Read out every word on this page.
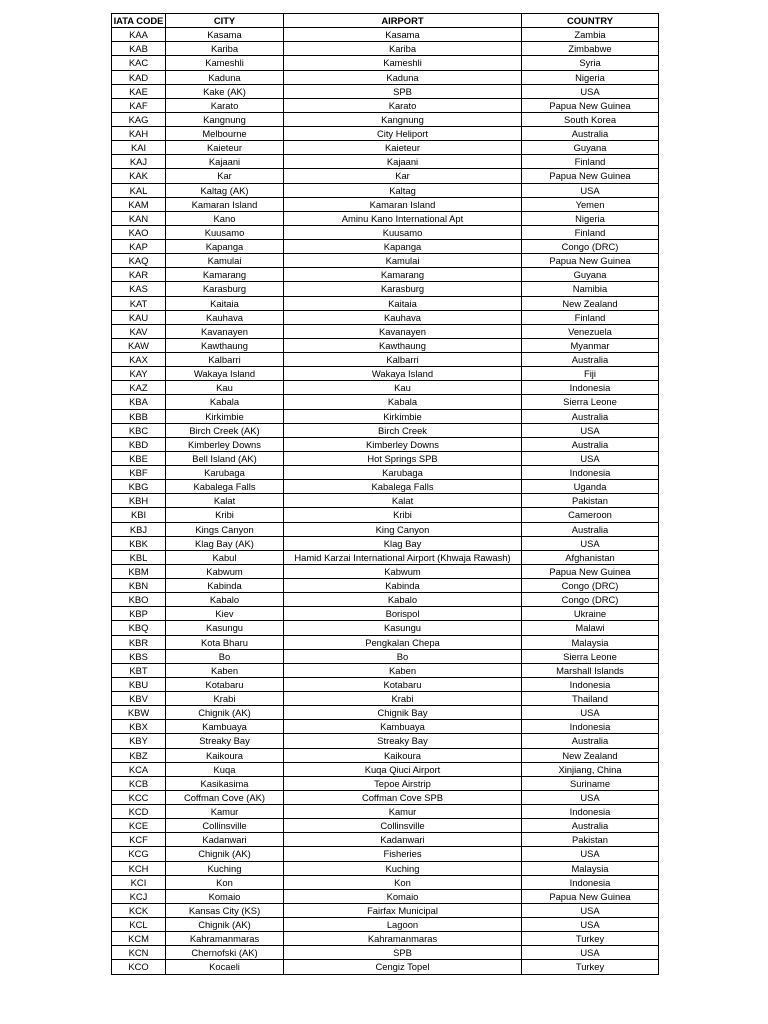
IATA CODE	CITY	AIRPORT	COUNTRY
KAA	Kasama	Kasama	Zambia
KAB	Kariba	Kariba	Zimbabwe
KAC	Kameshli	Kameshli	Syria
KAD	Kaduna	Kaduna	Nigeria
KAE	Kake (AK)	SPB	USA
KAF	Karato	Karato	Papua New Guinea
KAG	Kangnung	Kangnung	South Korea
KAH	Melbourne	City Heliport	Australia
KAI	Kaieteur	Kaieteur	Guyana
KAJ	Kajaani	Kajaani	Finland
KAK	Kar	Kar	Papua New Guinea
KAL	Kaltag (AK)	Kaltag	USA
KAM	Kamaran Island	Kamaran Island	Yemen
KAN	Kano	Aminu Kano International Apt	Nigeria
KAO	Kuusamo	Kuusamo	Finland
KAP	Kapanga	Kapanga	Congo (DRC)
KAQ	Kamulai	Kamulai	Papua New Guinea
KAR	Kamarang	Kamarang	Guyana
KAS	Karasburg	Karasburg	Namibia
KAT	Kaitaia	Kaitaia	New Zealand
KAU	Kauhava	Kauhava	Finland
KAV	Kavanayen	Kavanayen	Venezuela
KAW	Kawthaung	Kawthaung	Myanmar
KAX	Kalbarri	Kalbarri	Australia
KAY	Wakaya Island	Wakaya Island	Fiji
KAZ	Kau	Kau	Indonesia
KBA	Kabala	Kabala	Sierra Leone
KBB	Kirkimbie	Kirkimbie	Australia
KBC	Birch Creek (AK)	Birch Creek	USA
KBD	Kimberley Downs	Kimberley Downs	Australia
KBE	Bell Island (AK)	Hot Springs SPB	USA
KBF	Karubaga	Karubaga	Indonesia
KBG	Kabalega Falls	Kabalega Falls	Uganda
KBH	Kalat	Kalat	Pakistan
KBI	Kribi	Kribi	Cameroon
KBJ	Kings Canyon	King Canyon	Australia
KBK	Klag Bay (AK)	Klag Bay	USA
KBL	Kabul	Hamid Karzai International Airport (Khwaja Rawash)	Afghanistan
KBM	Kabwum	Kabwum	Papua New Guinea
KBN	Kabinda	Kabinda	Congo (DRC)
KBO	Kabalo	Kabalo	Congo (DRC)
KBP	Kiev	Borispol	Ukraine
KBQ	Kasungu	Kasungu	Malawi
KBR	Kota Bharu	Pengkalan Chepa	Malaysia
KBS	Bo	Bo	Sierra Leone
KBT	Kaben	Kaben	Marshall Islands
KBU	Kotabaru	Kotabaru	Indonesia
KBV	Krabi	Krabi	Thailand
KBW	Chignik (AK)	Chignik Bay	USA
KBX	Kambuaya	Kambuaya	Indonesia
KBY	Streaky Bay	Streaky Bay	Australia
KBZ	Kaikoura	Kaikoura	New Zealand
KCA	Kuqa	Kuqa Qiuci Airport	Xinjiang, China
KCB	Kasikasima	Tepoe Airstrip	Suriname
KCC	Coffman Cove (AK)	Coffman Cove SPB	USA
KCD	Kamur	Kamur	Indonesia
KCE	Collinsville	Collinsville	Australia
KCF	Kadanwari	Kadanwari	Pakistan
KCG	Chignik (AK)	Fisheries	USA
KCH	Kuching	Kuching	Malaysia
KCI	Kon	Kon	Indonesia
KCJ	Komaio	Komaio	Papua New Guinea
KCK	Kansas City (KS)	Fairfax Municipal	USA
KCL	Chignik (AK)	Lagoon	USA
KCM	Kahramanmaras	Kahramanmaras	Turkey
KCN	Chernofski (AK)	SPB	USA
KCO	Kocaeli	Cengiz Topel	Turkey
